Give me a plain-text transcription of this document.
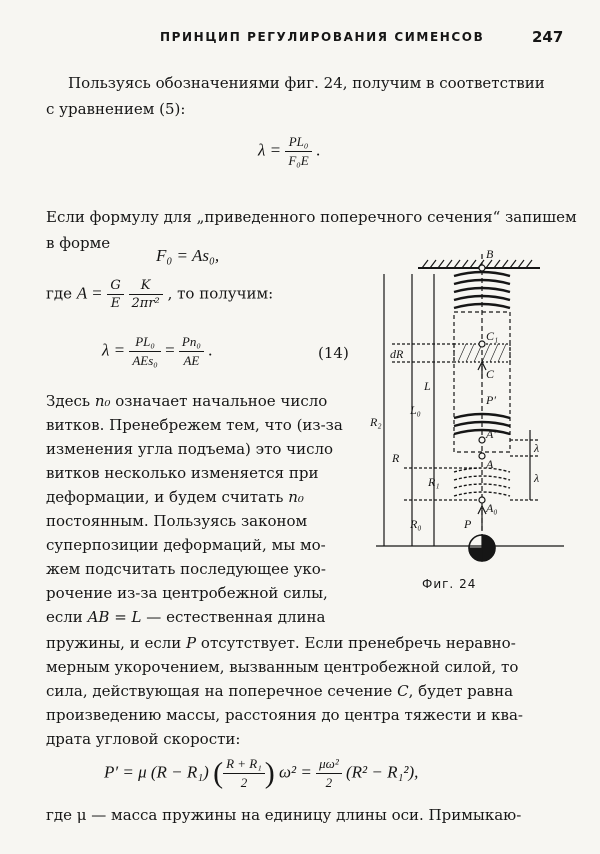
ПРИНЦИП РЕГУЛИРОВАНИЯ СИМЕНСОВ	247
Пользуясь обозначениями фиг. 24, получим в соответствии
с уравнением (5):
$\lambda = \frac{\text{PL₀}}{\text{F₀E}}$ .
Если формулу для „приведенного поперечного сечения“ запишем
в форме
F₀ = As₀,
где $A = \frac{G}{E}$
$\frac{K}{\text{2πr²}}$ , то получим:
$\lambda = \frac{\text{PL₀}}{\text{AEs₀}} = \frac{\text{Pn₀}}{AE}$ .	(14)
Здесь n₀ означает начальное число
витков. Пренебрежем тем, что (из-за
изменения угла подъема) это число
витков несколько изменяется при
деформации, и будем считать n₀
постоянным. Пользуясь законом
суперпозиции деформаций, мы мо-
жем подсчитать последующее уко-
рочение из-за центробежной силы,
если AB = L — естественная длина
пружины, и если P отсутствует. Если пренебречь неравно-
мерным укорочением, вызванным центробежной силой, то
сила, действующая на поперечное сечение C, будет равна
произведению массы, расстояния до центра тяжести и ква-
драта угловой скорости:
P′ = μ (R − R₁) ( $\frac{\text{R + R₁}}{2}$ ) $\omega^2 = \frac{\text{μω²}}{2} (R^2 - R_1^2)$,
где μ — масса пружины на единицу длины оси. Примыкаю-
B
C₁
C
P′
A′
A
R₁
A₀
P
dR
L
L₀
R₂
R
R₀
λ
λ
Фиг. 24
